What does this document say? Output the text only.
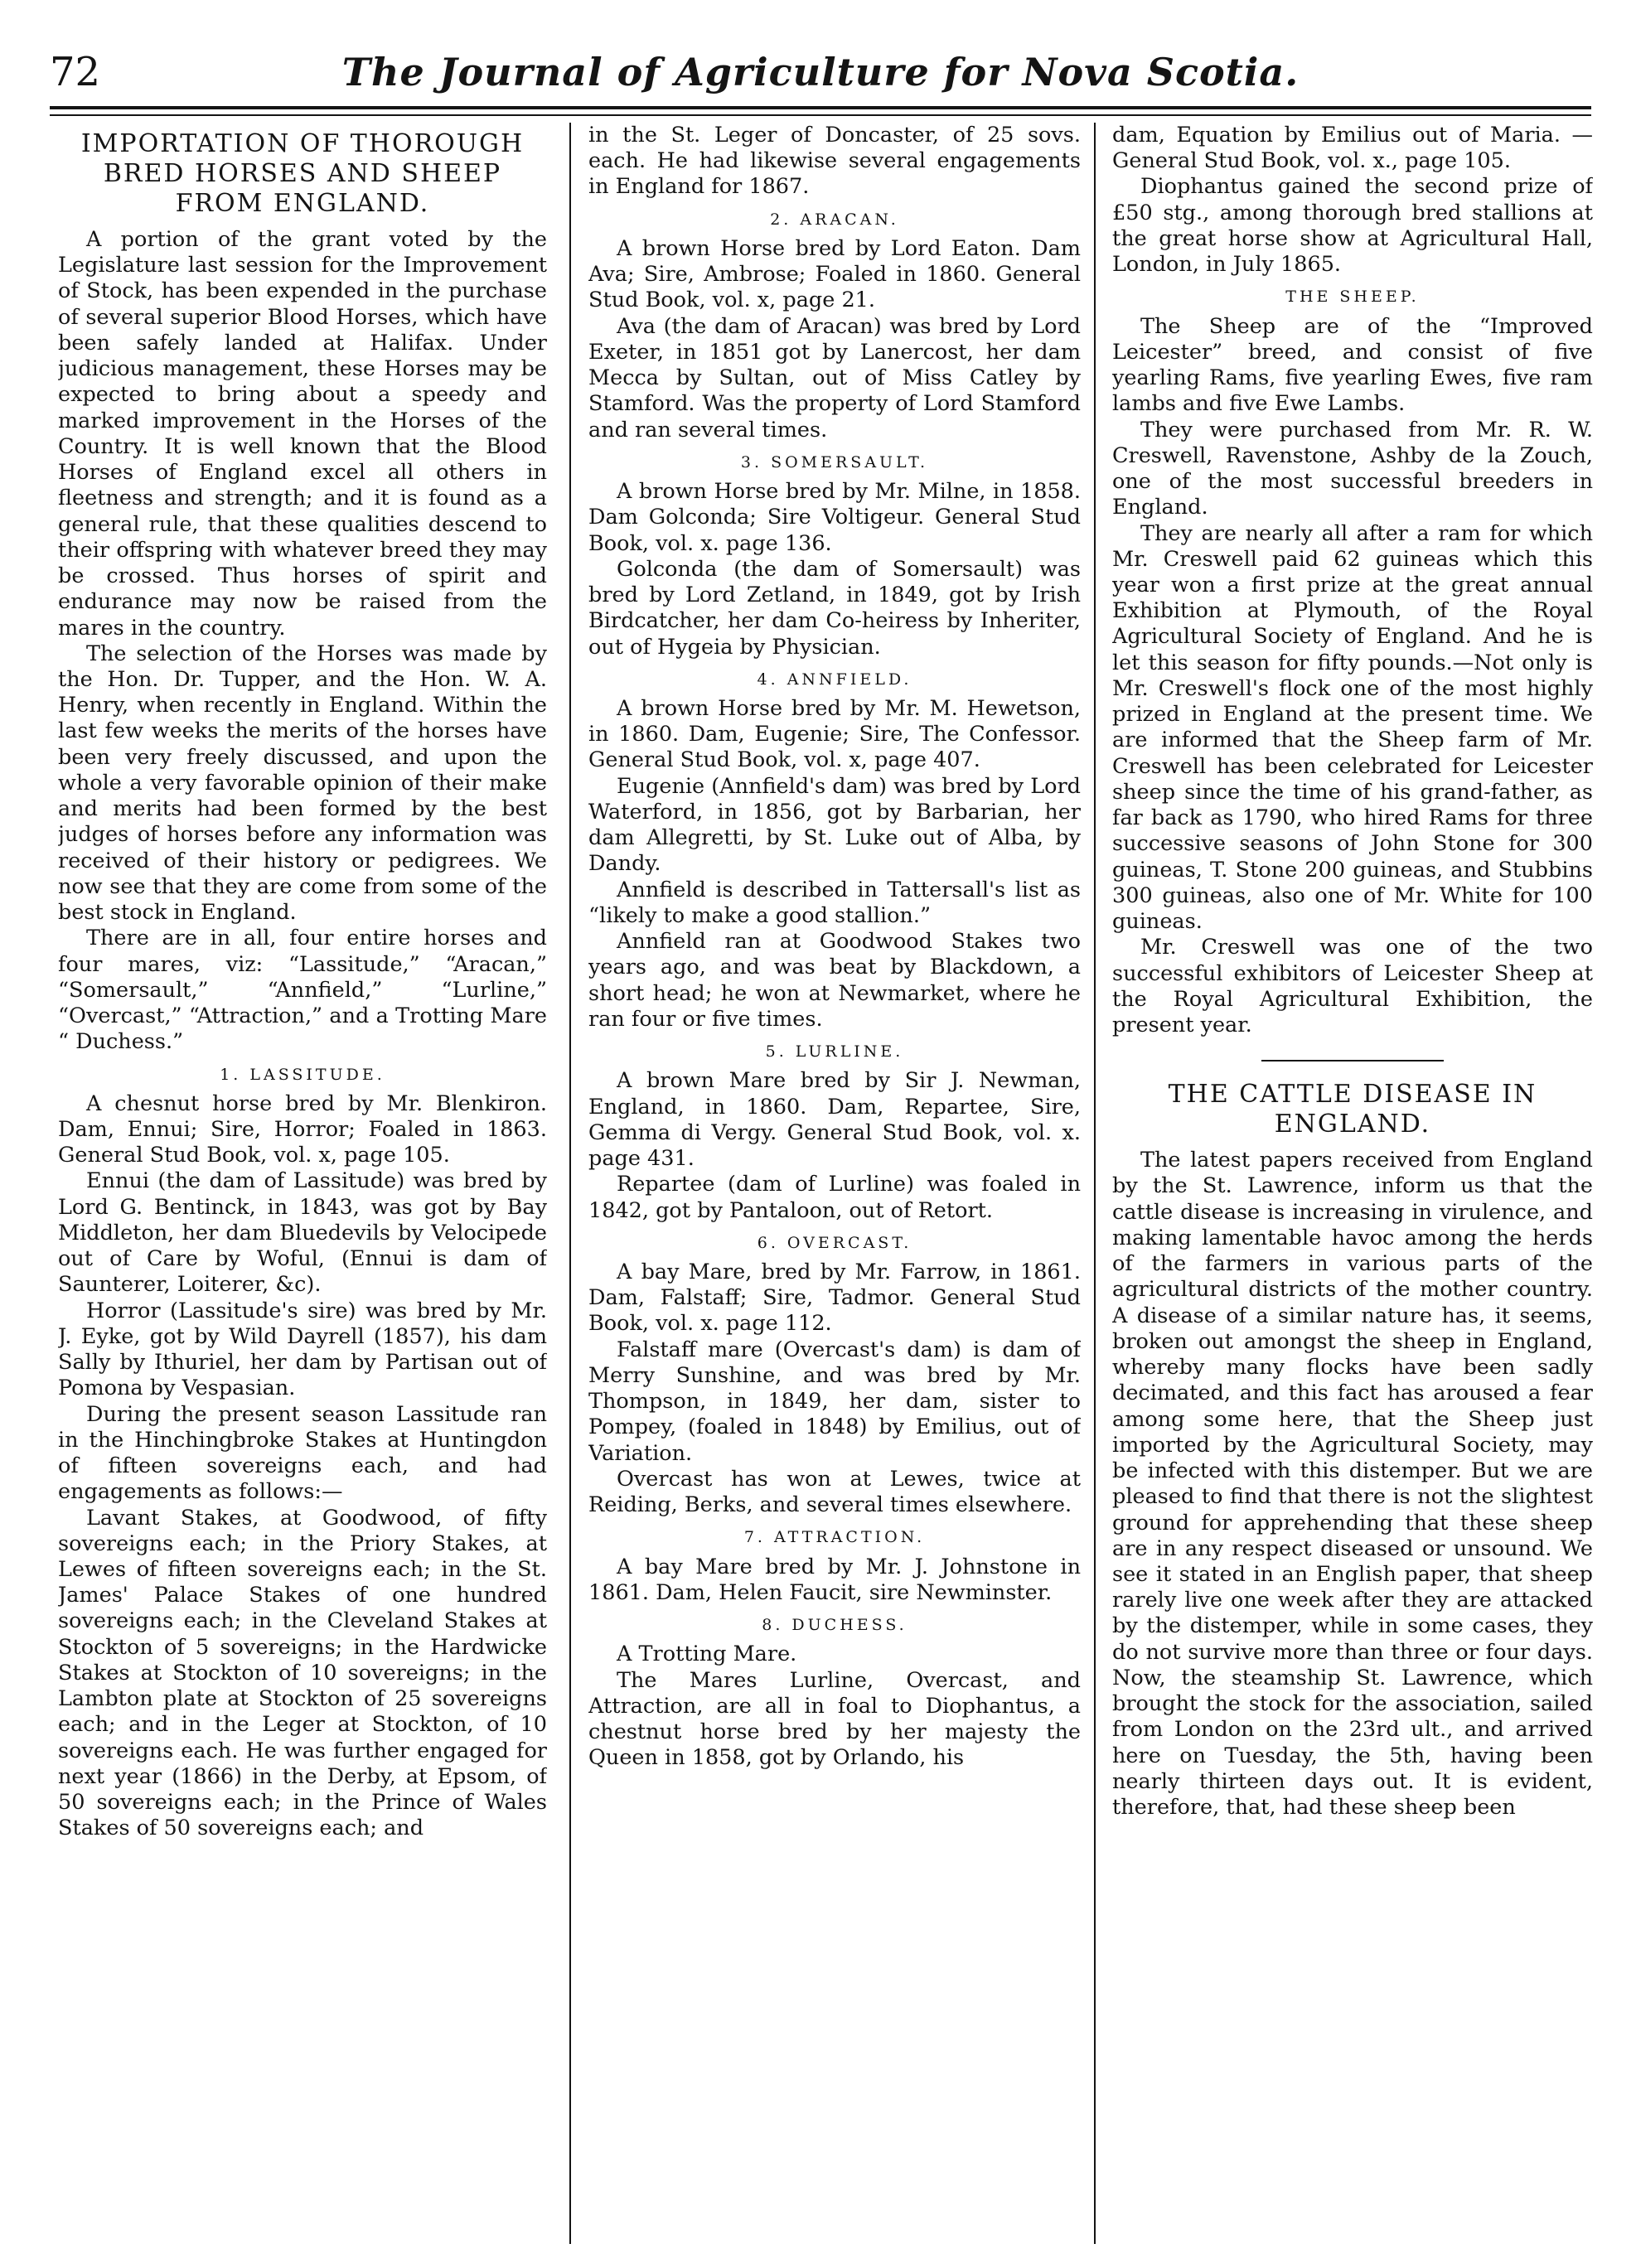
72	The Journal of Agriculture for Nova Scotia.
IMPORTATION OF THOROUGH BRED HORSES AND SHEEP FROM ENGLAND.

A portion of the grant voted by the Legislature last session for the Improvement of Stock, has been expended in the purchase of several superior Blood Horses, which have been safely landed at Halifax. Under judicious management, these Horses may be expected to bring about a speedy and marked improvement in the Horses of the Country. It is well known that the Blood Horses of England excel all others in fleetness and strength; and it is found as a general rule, that these qualities descend to their offspring with whatever breed they may be crossed. Thus horses of spirit and endurance may now be raised from the mares in the country.

The selection of the Horses was made by the Hon. Dr. Tupper, and the Hon. W. A. Henry, when recently in England. Within the last few weeks the merits of the horses have been very freely discussed, and upon the whole a very favorable opinion of their make and merits had been formed by the best judges of horses before any information was received of their history or pedigrees. We now see that they are come from some of the best stock in England.

There are in all, four entire horses and four mares, viz: “Lassitude,” “Aracan,” “Somersault,” “Annfield,” “Lurline,” “Overcast,” “Attraction,” and a Trotting Mare “ Duchess.”

1. LASSITUDE.

A chesnut horse bred by Mr. Blenkiron. Dam, Ennui; Sire, Horror; Foaled in 1863. General Stud Book, vol. x, page 105.

Ennui (the dam of Lassitude) was bred by Lord G. Bentinck, in 1843, was got by Bay Middleton, her dam Bluedevils by Velocipede out of Care by Woful, (Ennui is dam of Saunterer, Loiterer, &c).

Horror (Lassitude's sire) was bred by Mr. J. Eyke, got by Wild Dayrell (1857), his dam Sally by Ithuriel, her dam by Partisan out of Pomona by Vespasian.

During the present season Lassitude ran in the Hinchingbroke Stakes at Huntingdon of fifteen sovereigns each, and had engagements as follows:—

Lavant Stakes, at Goodwood, of fifty sovereigns each; in the Priory Stakes, at Lewes of fifteen sovereigns each; in the St. James' Palace Stakes of one hundred sovereigns each; in the Cleveland Stakes at Stockton of 5 sovereigns; in the Hardwicke Stakes at Stockton of 10 sovereigns; in the Lambton plate at Stockton of 25 sovereigns each; and in the Leger at Stockton, of 10 sovereigns each. He was further engaged for next year (1866) in the Derby, at Epsom, of 50 sovereigns each; in the Prince of Wales Stakes of 50 sovereigns each; and

in the St. Leger of Doncaster, of 25 sovs. each. He had likewise several engagements in England for 1867.

2. ARACAN.

A brown Horse bred by Lord Eaton. Dam Ava; Sire, Ambrose; Foaled in 1860. General Stud Book, vol. x, page 21.

Ava (the dam of Aracan) was bred by Lord Exeter, in 1851 got by Lanercost, her dam Mecca by Sultan, out of Miss Catley by Stamford. Was the property of Lord Stamford and ran several times.

3. SOMERSAULT.

A brown Horse bred by Mr. Milne, in 1858. Dam Golconda; Sire Voltigeur. General Stud Book, vol. x. page 136.

Golconda (the dam of Somersault) was bred by Lord Zetland, in 1849, got by Irish Birdcatcher, her dam Co-heiress by Inheriter, out of Hygeia by Physician.

4. ANNFIELD.

A brown Horse bred by Mr. M. Hewetson, in 1860. Dam, Eugenie; Sire, The Confessor. General Stud Book, vol. x, page 407.

Eugenie (Annfield's dam) was bred by Lord Waterford, in 1856, got by Barbarian, her dam Allegretti, by St. Luke out of Alba, by Dandy.

Annfield is described in Tattersall's list as “likely to make a good stallion.”

Annfield ran at Goodwood Stakes two years ago, and was beat by Blackdown, a short head; he won at Newmarket, where he ran four or five times.

5. LURLINE.

A brown Mare bred by Sir J. Newman, England, in 1860. Dam, Repartee, Sire, Gemma di Vergy. General Stud Book, vol. x. page 431.

Repartee (dam of Lurline) was foaled in 1842, got by Pantaloon, out of Retort.

6. OVERCAST.

A bay Mare, bred by Mr. Farrow, in 1861. Dam, Falstaff; Sire, Tadmor. General Stud Book, vol. x. page 112.

Falstaff mare (Overcast's dam) is dam of Merry Sunshine, and was bred by Mr. Thompson, in 1849, her dam, sister to Pompey, (foaled in 1848) by Emilius, out of Variation.

Overcast has won at Lewes, twice at Reiding, Berks, and several times elsewhere.

7. ATTRACTION.

A bay Mare bred by Mr. J. Johnstone in 1861. Dam, Helen Faucit, sire Newminster.

8. DUCHESS.

A Trotting Mare.

The Mares Lurline, Overcast, and Attraction, are all in foal to Diophantus, a chestnut horse bred by her majesty the Queen in 1858, got by Orlando, his

dam, Equation by Emilius out of Maria. —General Stud Book, vol. x., page 105.

Diophantus gained the second prize of £50 stg., among thorough bred stallions at the great horse show at Agricultural Hall, London, in July 1865.

THE SHEEP.

The Sheep are of the “Improved Leicester” breed, and consist of five yearling Rams, five yearling Ewes, five ram lambs and five Ewe Lambs.

They were purchased from Mr. R. W. Creswell, Ravenstone, Ashby de la Zouch, one of the most successful breeders in England.

They are nearly all after a ram for which Mr. Creswell paid 62 guineas which this year won a first prize at the great annual Exhibition at Plymouth, of the Royal Agricultural Society of England. And he is let this season for fifty pounds.—Not only is Mr. Creswell's flock one of the most highly prized in England at the present time. We are informed that the Sheep farm of Mr. Creswell has been celebrated for Leicester sheep since the time of his grand-father, as far back as 1790, who hired Rams for three successive seasons of John Stone for 300 guineas, T. Stone 200 guineas, and Stubbins 300 guineas, also one of Mr. White for 100 guineas.

Mr. Creswell was one of the two successful exhibitors of Leicester Sheep at the Royal Agricultural Exhibition, the present year.

THE CATTLE DISEASE IN ENGLAND.

The latest papers received from England by the St. Lawrence, inform us that the cattle disease is increasing in virulence, and making lamentable havoc among the herds of the farmers in various parts of the agricultural districts of the mother country. A disease of a similar nature has, it seems, broken out amongst the sheep in England, whereby many flocks have been sadly decimated, and this fact has aroused a fear among some here, that the Sheep just imported by the Agricultural Society, may be infected with this distemper. But we are pleased to find that there is not the slightest ground for apprehending that these sheep are in any respect diseased or unsound. We see it stated in an English paper, that sheep rarely live one week after they are attacked by the distemper, while in some cases, they do not survive more than three or four days. Now, the steamship St. Lawrence, which brought the stock for the association, sailed from London on the 23rd ult., and arrived here on Tuesday, the 5th, having been nearly thirteen days out. It is evident, therefore, that, had these sheep been
